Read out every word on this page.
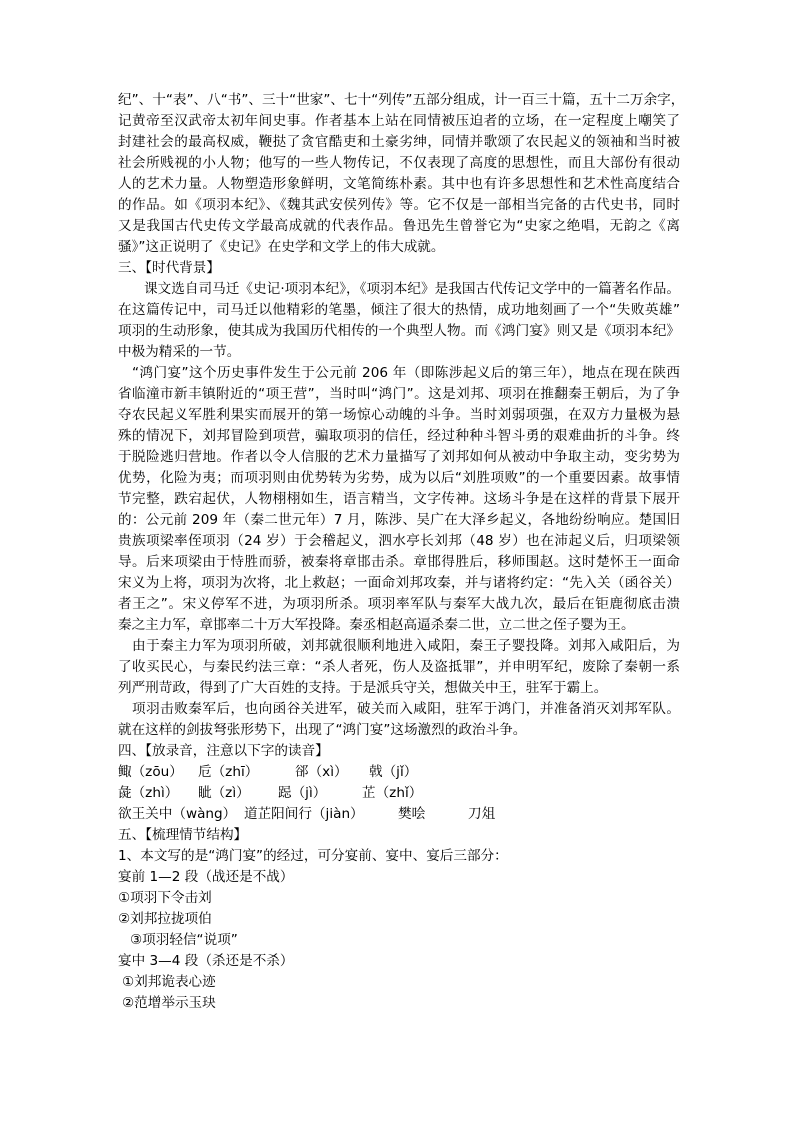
纪”、十“表”、八“书”、三十“世家”、七十“列传”五部分组成，计一百三十篇，五十二万余字，
记黄帝至汉武帝太初年间史事。作者基本上站在同情被压迫者的立场，在一定程度上嘲笑了
封建社会的最高权威，鞭挞了贪官酷吏和土豪劣绅，同情并歌颂了农民起义的领袖和当时被
社会所贱视的小人物；他写的一些人物传记，不仅表现了高度的思想性，而且大部份有很动
人的艺术力量。人物塑造形象鲜明，文笔简练朴素。其中也有许多思想性和艺术性高度结合
的作品。如《项羽本纪》、《魏其武安侯列传》等。它不仅是一部相当完备的古代史书，同时
又是我国古代史传文学最高成就的代表作品。鲁迅先生曾誉它为“史家之绝唱，无韵之《离
骚》”这正说明了《史记》在史学和文学上的伟大成就。
三、【时代背景】
课文选自司马迁《史记·项羽本纪》，《项羽本纪》是我国古代传记文学中的一篇著名作品。
在这篇传记中，司马迁以他精彩的笔墨，倾注了很大的热情，成功地刻画了一个“失败英雄”
项羽的生动形象，使其成为我国历代相传的一个典型人物。而《鸿门宴》则又是《项羽本纪》
中极为精采的一节。
“鸿门宴”这个历史事件发生于公元前 206 年（即陈涉起义后的第三年），地点在现在陕西
省临潼市新丰镇附近的“项王营”，当时叫“鸿门”。这是刘邦、项羽在推翻秦王朝后，为了争
夺农民起义军胜利果实而展开的第一场惊心动魄的斗争。当时刘弱项强，在双方力量极为悬
殊的情况下，刘邦冒险到项营，骗取项羽的信任，经过种种斗智斗勇的艰难曲折的斗争。终
于脱险逃归营地。作者以令人信服的艺术力量描写了刘邦如何从被动中争取主动，变劣势为
优势，化险为夷；而项羽则由优势转为劣势，成为以后“刘胜项败”的一个重要因素。故事情
节完整，跌宕起伏，人物栩栩如生，语言精当，文字传神。这场斗争是在这样的背景下展开
的：公元前 209 年（秦二世元年）7 月，陈涉、吴广在大泽乡起义，各地纷纷响应。楚国旧
贵族项梁率侄项羽（24 岁）于会稽起义，泗水亭长刘邦（48 岁）也在沛起义后，归项梁领
导。后来项梁由于恃胜而骄，被秦将章邯击杀。章邯得胜后，移师围赵。这时楚怀王一面命
宋义为上将，项羽为次将，北上救赵；一面命刘邦攻秦，并与诸将约定：“先入关（函谷关）
者王之”。宋义停军不进，为项羽所杀。项羽率军队与秦军大战九次，最后在钜鹿彻底击溃
秦之主力军，章邯率二十万大军投降。秦丞相赵高逼杀秦二世，立二世之侄子婴为王。
由于秦主力军为项羽所破，刘邦就很顺利地进入咸阳，秦王子婴投降。刘邦入咸阳后，为
了收买民心，与秦民约法三章：“杀人者死，伤人及盗抵罪”，并申明军纪，废除了秦朝一系
列严刑苛政，得到了广大百姓的支持。于是派兵守关，想做关中王，驻军于霸上。
项羽击败秦军后，也向函谷关进军，破关而入咸阳，驻军于鸿门，并准备消灭刘邦军队。
就在这样的剑拔弩张形势下，出现了“鸿门宴”这场激烈的政治斗争。
四、【放录音，注意以下字的读音】
鲰（zōu） 卮（zhī）	郤（xì） 戟（jǐ）
彘（zhì） 眦（zì） 跽（jì）	芷（zhǐ）
欲王关中（wàng） 道芷阳间行（jiàn）	樊哙	刀俎
五、【梳理情节结构】
1、本文写的是“鸿门宴”的经过，可分宴前、宴中、宴后三部分：
宴前 1—2 段（战还是不战）
①项羽下令击刘
②刘邦拉拢项伯
③项羽轻信“说项”
宴中 3—4 段（杀还是不杀）
①刘邦诡表心迹
②范增举示玉玦
